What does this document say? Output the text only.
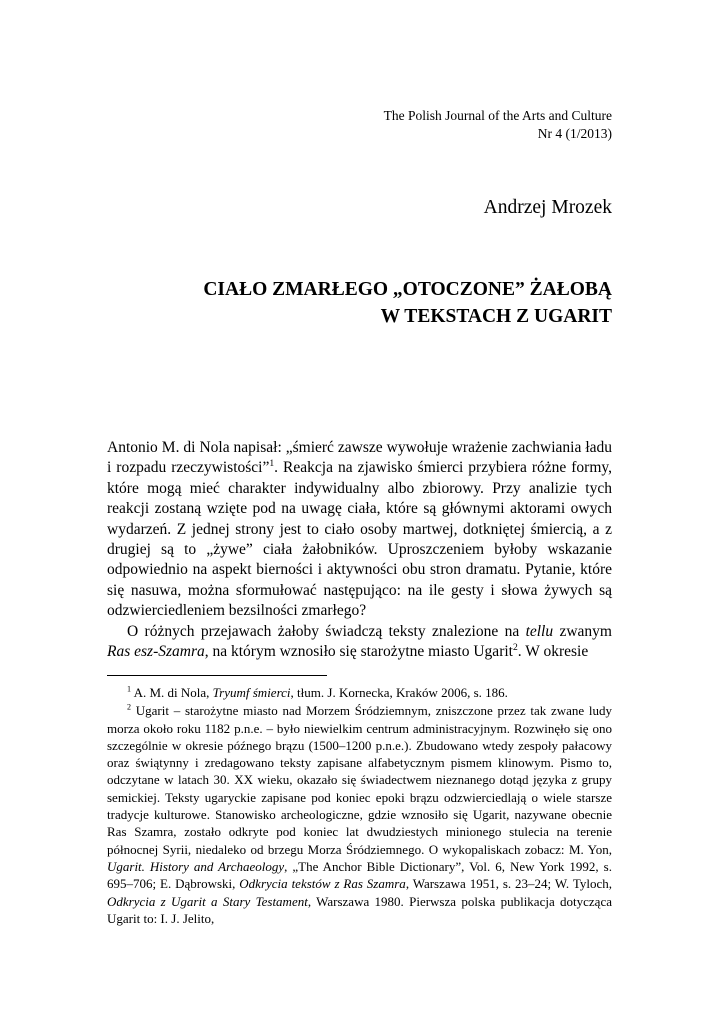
The Polish Journal of the Arts and Culture
Nr 4 (1/2013)
Andrzej Mrozek
CIAŁO ZMARŁEGO „OTOCZONE” ŻAŁOBĄ
W TEKSTACH Z UGARIT

Antonio M. di Nola napisał: „śmierć zawsze wywołuje wrażenie zachwiania ładu i rozpadu rzeczywistości”$^1$. Reakcja na zjawisko śmierci przybiera różne formy, które mogą mieć charakter indywidualny albo zbiorowy. Przy analizie tych reakcji zostaną wzięte pod na uwagę ciała, które są głównymi aktorami owych wydarzeń. Z jednej strony jest to ciało osoby martwej, dotkniętej śmiercią, a z drugiej są to „żywe” ciała żałobników. Uproszczeniem byłoby wskazanie odpowiednio na aspekt bierności i aktywności obu stron dramatu. Pytanie, które się nasuwa, można sformułować następująco: na ile gesty i słowa żywych są odzwierciedleniem bezsilności zmarłego?

O różnych przejawach żałoby świadczą teksty znalezione na tellu zwanym Ras esz-Szamra, na którym wznosiło się starożytne miasto Ugarit$^2$. W okresie

$^1$ A. M. di Nola, Tryumf śmierci, tłum. J. Kornecka, Kraków 2006, s. 186.

$^2$ Ugarit – starożytne miasto nad Morzem Śródziemnym, zniszczone przez tak zwane ludy morza około roku 1182 p.n.e. – było niewielkim centrum administracyjnym. Rozwinęło się ono szczególnie w okresie późnego brązu (1500–1200 p.n.e.). Zbudowano wtedy zespoły pałacowy oraz świątynny i zredagowano teksty zapisane alfabetycznym pismem klinowym. Pismo to, odczytane w latach 30. XX wieku, okazało się świadectwem nieznanego dotąd języka z grupy semickiej. Teksty ugaryckie zapisane pod koniec epoki brązu odzwierciedlają o wiele starsze tradycje kulturowe. Stanowisko archeologiczne, gdzie wznosiło się Ugarit, nazywane obecnie Ras Szamra, zostało odkryte pod koniec lat dwudziestych minionego stulecia na terenie północnej Syrii, niedaleko od brzegu Morza Śródziemnego. O wykopaliskach zobacz: M. Yon, Ugarit. History and Archaeology, „The Anchor Bible Dictionary”, Vol. 6, New York 1992, s. 695–706; E. Dąbrowski, Odkrycia tekstów z Ras Szamra, Warszawa 1951, s. 23–24; W. Tyloch, Odkrycia z Ugarit a Stary Testament, Warszawa 1980. Pierwsza polska publikacja dotycząca Ugarit to: I. J. Jelito,
